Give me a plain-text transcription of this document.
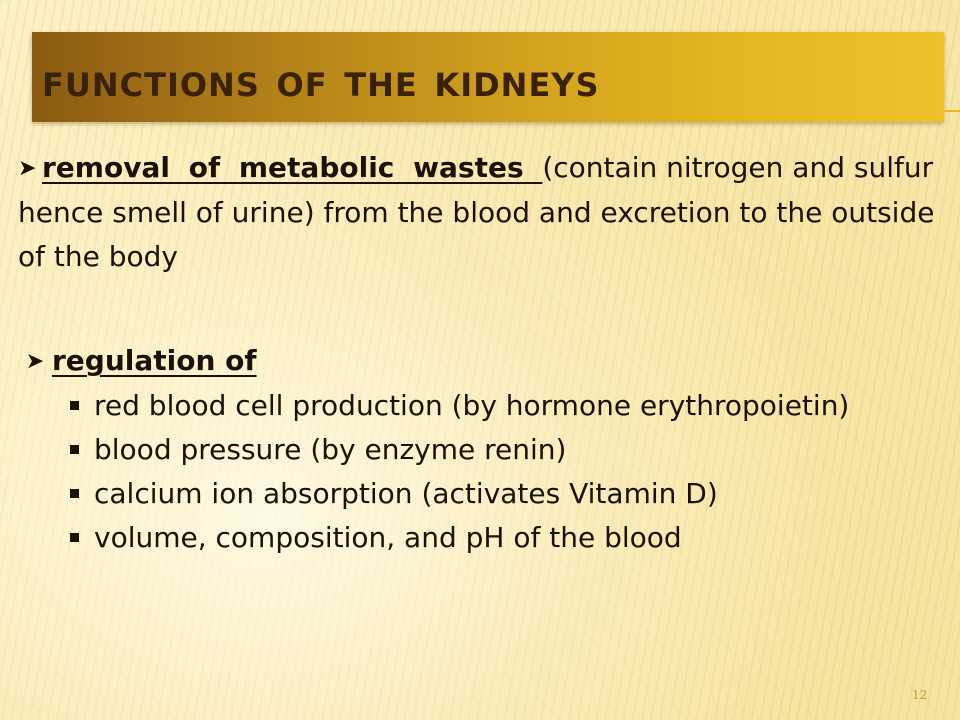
functions of the kidneys

➤ removal of metabolic wastes (contain nitrogen and sulfur hence smell of urine) from the blood and excretion to the outside of the body

➤ regulation of

red blood cell production (by hormone erythropoietin)
blood pressure (by enzyme renin)
calcium ion absorption (activates Vitamin D)
volume, composition, and pH of the blood
12
